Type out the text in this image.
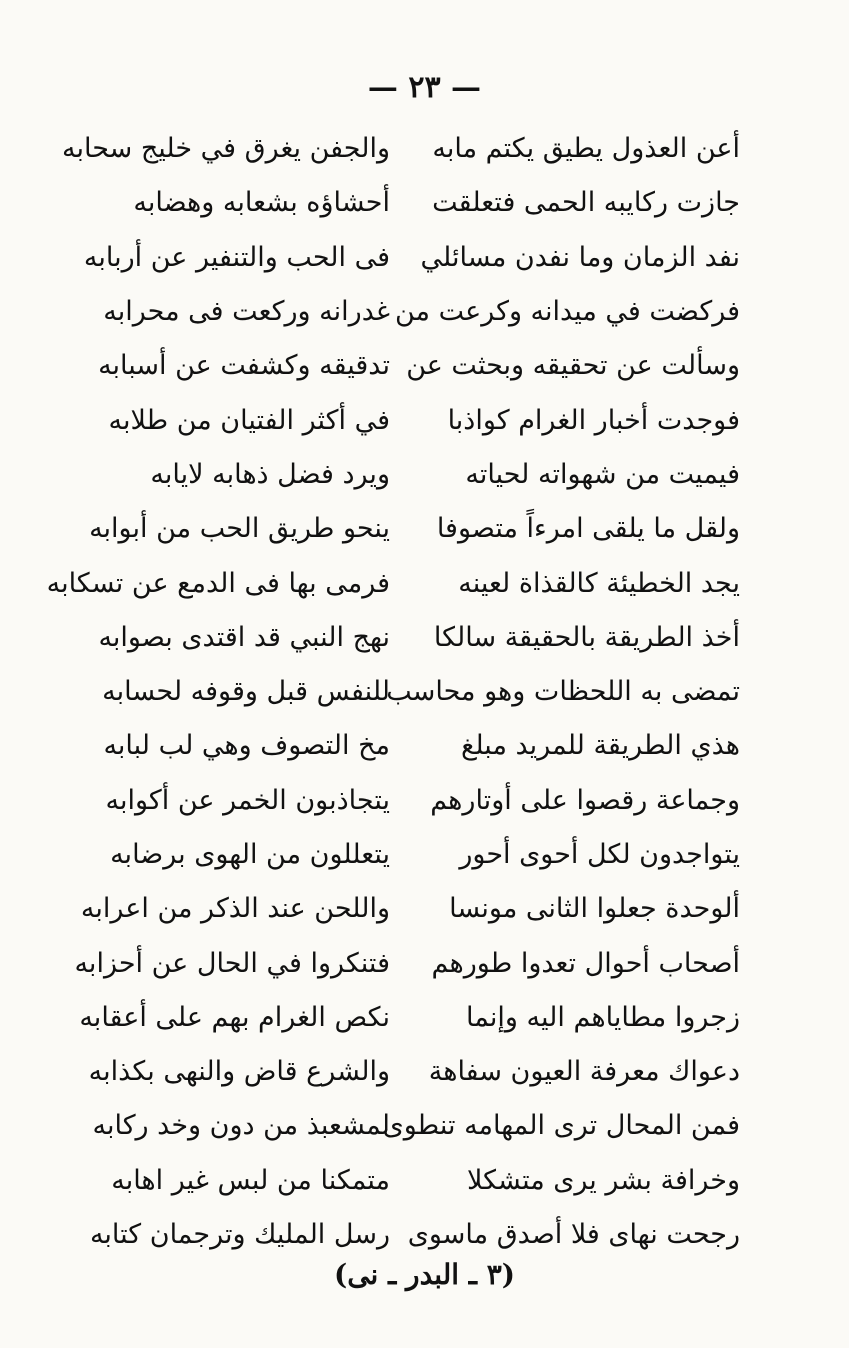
— ٢٣ —
أعن العذول يطيق يكتم مابه
والجفن يغرق في خليج سحابه
جازت ركايبه الحمى فتعلقت
أحشاؤه بشعابه وهضابه
نفد الزمان وما نفدن مسائلي
فى الحب والتنفير عن أربابه
فركضت في ميدانه وكرعت من
غدرانه وركعت فى محرابه
وسألت عن تحقيقه وبحثت عن
تدقيقه وكشفت عن أسبابه
فوجدت أخبار الغرام كواذبا
في أكثر الفتيان من طلابه
فيميت من شهواته لحياته
ويرد فضل ذهابه لايابه
ولقل ما يلقى امرءاً متصوفا
ينحو طريق الحب من أبوابه
يجد الخطيئة كالقذاة لعينه
فرمى بها فى الدمع عن تسكابه
أخذ الطريقة بالحقيقة سالكا
نهج النبي قد اقتدى بصوابه
تمضى به اللحظات وهو محاسب
للنفس قبل وقوفه لحسابه
هذي الطريقة للمريد مبلغ
مخ التصوف وهي لب لبابه
وجماعة رقصوا على أوتارهم
يتجاذبون الخمر عن أكوابه
يتواجدون لكل أحوى أحور
يتعللون من الهوى برضابه
ألوحدة جعلوا الثانى مونسا
واللحن عند الذكر من اعرابه
أصحاب أحوال تعدوا طورهم
فتنكروا في الحال عن أحزابه
زجروا مطاياهم اليه وإنما
نكص الغرام بهم على أعقابه
دعواك معرفة العيون سفاهة
والشرع قاض والنهى بكذابه
فمن المحال ترى المهامه تنطوى
لمشعبذ من دون وخد ركابه
وخرافة بشر يرى متشكلا
متمكنا من لبس غير اهابه
رجحت نهاى فلا أصدق ماسوى
رسل المليك وترجمان كتابه
(٣ ـ البدر ـ نى)
